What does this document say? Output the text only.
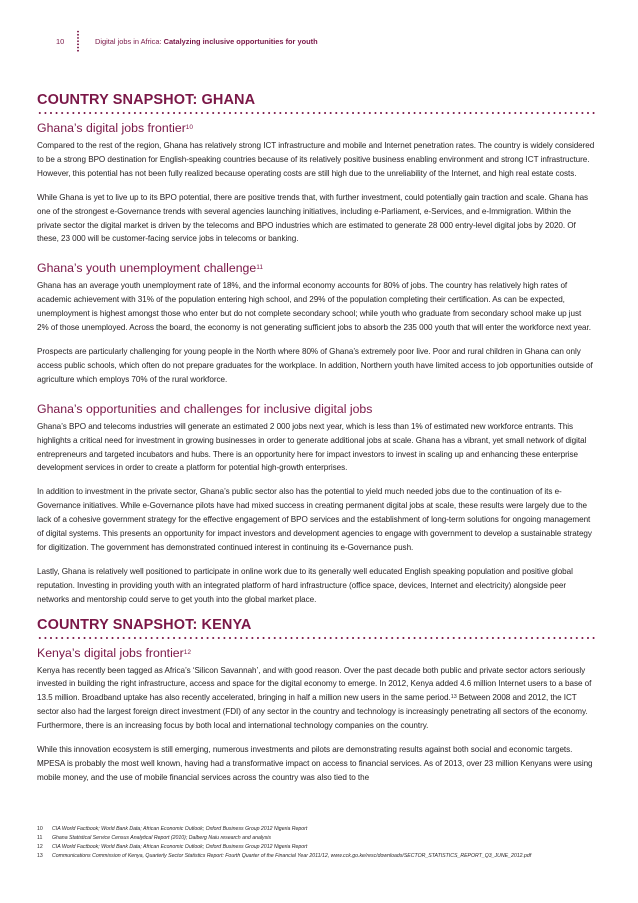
10	Digital jobs in Africa: Catalyzing inclusive opportunities for youth
COUNTRY SNAPSHOT: GHANA
Ghana’s digital jobs frontier$^{10}$

Compared to the rest of the region, Ghana has relatively strong ICT infrastructure and mobile and Internet penetration rates. The country is widely considered to be a strong BPO destination for English-speaking countries because of its relatively positive business enabling environment and strong ICT infrastructure. However, this potential has not been fully realized because operating costs are still high due to the unreliability of the Internet, and high real estate costs.

While Ghana is yet to live up to its BPO potential, there are positive trends that, with further investment, could potentially gain traction and scale. Ghana has one of the strongest e-Governance trends with several agencies launching initiatives, including e-Parliament, e-Services, and e-Immigration. Within the private sector the digital market is driven by the telecoms and BPO industries which are estimated to generate 28 000 entry-level digital jobs by 2020. Of these, 23 000 will be customer-facing service jobs in telecoms or banking.

Ghana’s youth unemployment challenge$^{11}$

Ghana has an average youth unemployment rate of 18%, and the informal economy accounts for 80% of jobs. The country has relatively high rates of academic achievement with 31% of the population entering high school, and 29% of the population completing their certification. As can be expected, unemployment is highest amongst those who enter but do not complete secondary school; while youth who graduate from secondary school make up just 2% of those unemployed. Across the board, the economy is not generating sufficient jobs to absorb the 235 000 youth that will enter the workforce next year.

Prospects are particularly challenging for young people in the North where 80% of Ghana’s extremely poor live. Poor and rural children in Ghana can only access public schools, which often do not prepare graduates for the workplace. In addition, Northern youth have limited access to job opportunities outside of agriculture which employs 70% of the rural workforce.

Ghana’s opportunities and challenges for inclusive digital jobs

Ghana’s BPO and telecoms industries will generate an estimated 2 000 jobs next year, which is less than 1% of estimated new workforce entrants. This highlights a critical need for investment in growing businesses in order to generate additional jobs at scale. Ghana has a vibrant, yet small network of digital entrepreneurs and targeted incubators and hubs. There is an opportunity here for impact investors to invest in scaling up and enhancing these enterprise development services in order to create a platform for potential high-growth enterprises.

In addition to investment in the private sector, Ghana’s public sector also has the potential to yield much needed jobs due to the continuation of its e-Governance initiatives. While e-Governance pilots have had mixed success in creating permanent digital jobs at scale, these results were largely due to the lack of a cohesive government strategy for the effective engagement of BPO services and the establishment of long-term solutions for ongoing management of digital systems. This presents an opportunity for impact investors and development agencies to engage with government to develop a sustainable strategy for digitization. The government has demonstrated continued interest in continuing its e-Governance push.

Lastly, Ghana is relatively well positioned to participate in online work due to its generally well educated English speaking population and positive global reputation. Investing in providing youth with an integrated platform of hard infrastructure (office space, devices, Internet and electricity) alongside peer networks and mentorship could serve to get youth into the global market place.

COUNTRY SNAPSHOT: KENYA
Kenya’s digital jobs frontier$^{12}$

Kenya has recently been tagged as Africa’s ‘Silicon Savannah’, and with good reason. Over the past decade both public and private sector actors seriously invested in building the right infrastructure, access and space for the digital economy to emerge. In 2012, Kenya added 4.6 million Internet users to a base of 13.5 million. Broadband uptake has also recently accelerated, bringing in half a million new users in the same period.$^{13}$ Between 2008 and 2012, the ICT sector also had the largest foreign direct investment (FDI) of any sector in the country and technology is increasingly penetrating all sectors of the economy. Furthermore, there is an increasing focus by both local and international technology companies on the country.

While this innovation ecosystem is still emerging, numerous investments and pilots are demonstrating results against both social and economic targets. MPESA is probably the most well known, having had a transformative impact on access to financial services. As of 2013, over 23 million Kenyans were using mobile money, and the use of mobile financial services across the country was also tied to the

10 CIA World Factbook; World Bank Data; African Economic Outlook; Oxford Business Group 2012 Nigeria Report
11 Ghana Statistical Service Census Analytical Report (2010); Dalberg Naiu research and analysis
12 CIA World Factbook; World Bank Data; African Economic Outlook; Oxford Business Group 2012 Nigeria Report
13 Communications Commission of Kenya, Quarterly Sector Statistics Report: Fourth Quarter of the Financial Year 2011/12, www.cck.go.ke/resc/downloads/SECTOR_STATISTICS_REPORT_Q3_JUNE_2012.pdf
